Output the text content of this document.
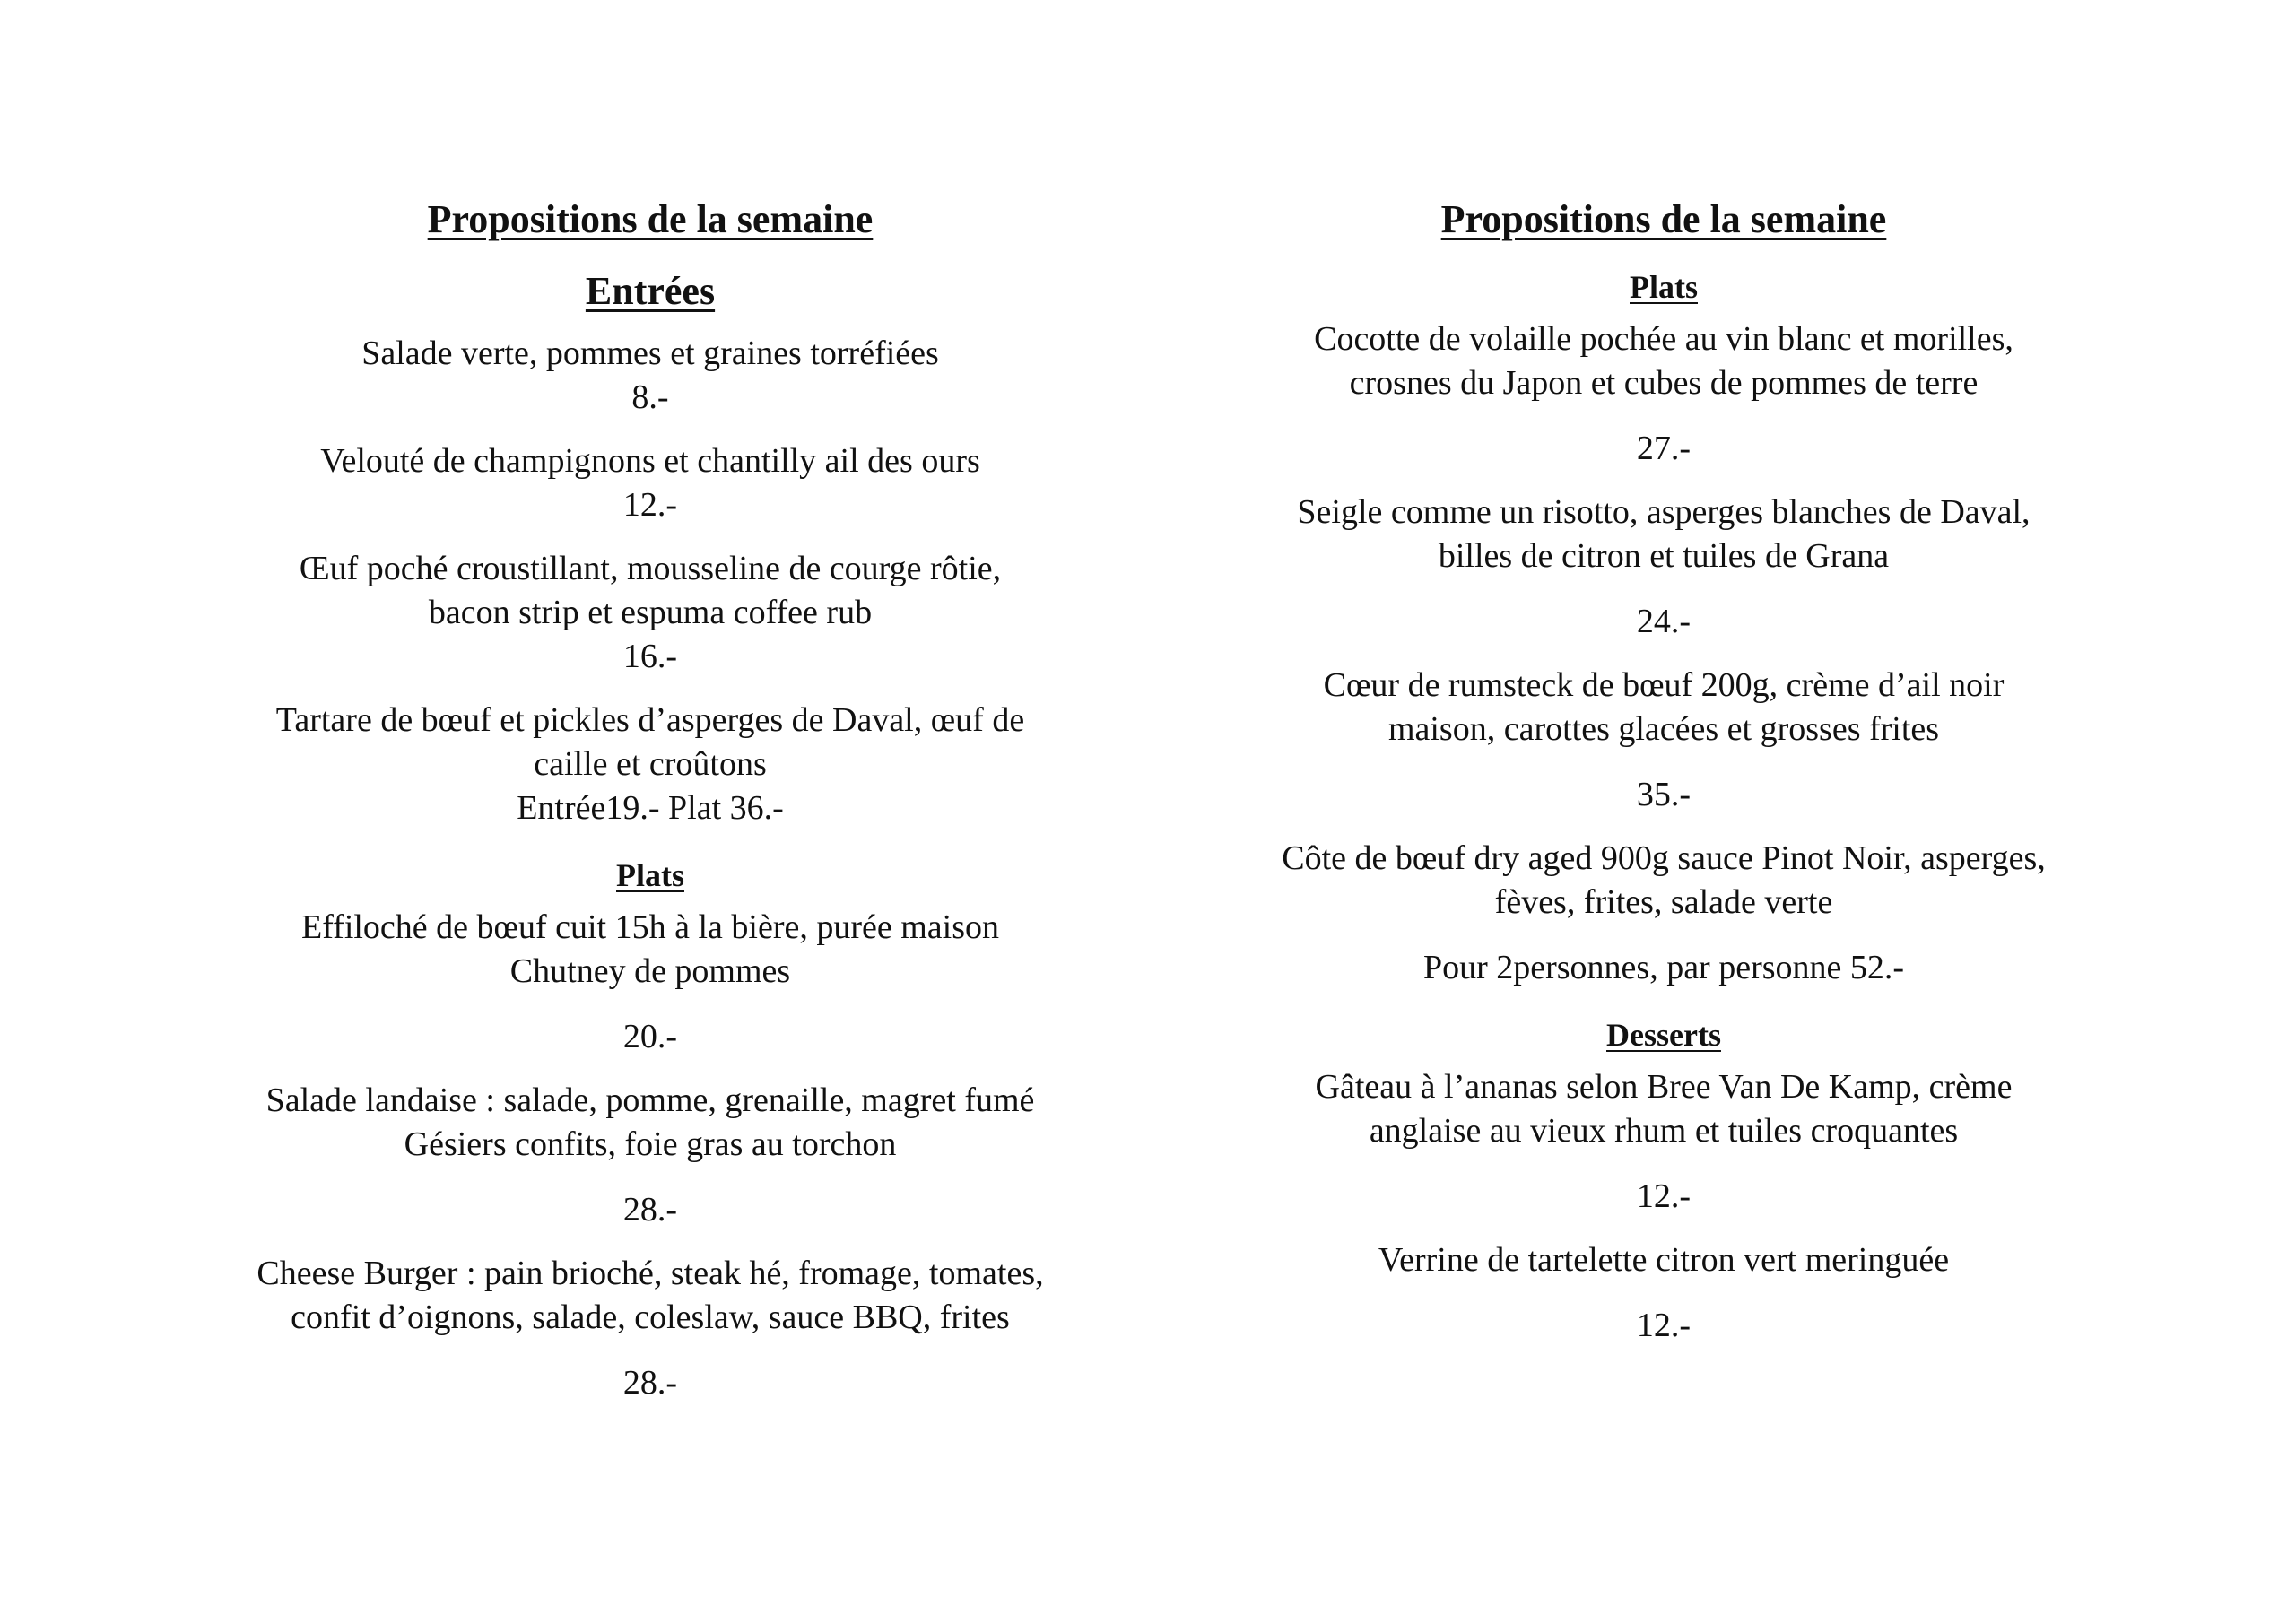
Propositions de la semaine
Entrées
Salade verte, pommes et graines torréfiées
8.-
Velouté de champignons et chantilly ail des ours
12.-
Œuf poché croustillant, mousseline de courge rôtie,
bacon strip et espuma coffee rub
16.-
Tartare de bœuf et pickles d’asperges de Daval, œuf de
caille et croûtons
Entrée19.- Plat 36.-
Plats
Effiloché de bœuf cuit 15h à la bière, purée maison
Chutney de pommes
20.-
Salade landaise : salade, pomme, grenaille, magret fumé
Gésiers confits, foie gras au torchon
28.-
Cheese Burger : pain brioché, steak hé, fromage, tomates,
confit d’oignons, salade, coleslaw, sauce BBQ, frites
28.-
Propositions de la semaine
Plats
Cocotte de volaille pochée au vin blanc et morilles,
crosnes du Japon et cubes de pommes de terre
27.-
Seigle comme un risotto, asperges blanches de Daval,
billes de citron et tuiles de Grana
24.-
Cœur de rumsteck de bœuf 200g, crème d’ail noir
maison, carottes glacées et grosses frites
35.-
Côte de bœuf dry aged 900g sauce Pinot Noir, asperges,
fèves, frites, salade verte
Pour 2personnes, par personne 52.-
Desserts
Gâteau à l’ananas selon Bree Van De Kamp, crème
anglaise au vieux rhum et tuiles croquantes
12.-
Verrine de tartelette citron vert meringuée
12.-
